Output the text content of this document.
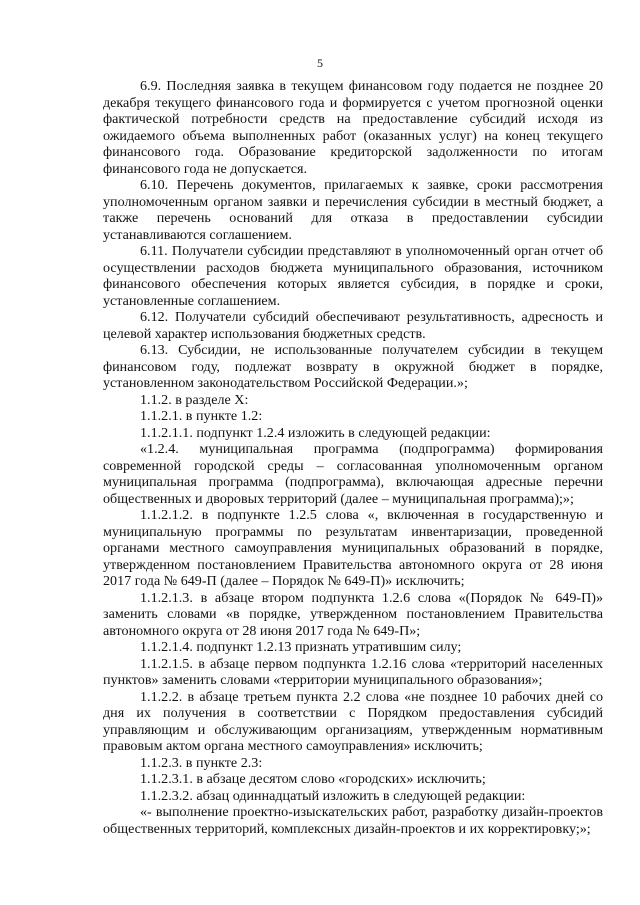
5

6.9. Последняя заявка в текущем финансовом году подается не позднее 20 декабря текущего финансового года и формируется с учетом прогнозной оценки фактической потребности средств на предоставление субсидий исходя из ожидаемого объема выполненных работ (оказанных услуг) на конец текущего финансового года. Образование кредиторской задолженности по итогам финансового года не допускается.

6.10. Перечень документов, прилагаемых к заявке, сроки рассмотрения уполномоченным органом заявки и перечисления субсидии в местный бюджет, а также перечень оснований для отказа в предоставлении субсидии устанавливаются соглашением.

6.11. Получатели субсидии представляют в уполномоченный орган отчет об осуществлении расходов бюджета муниципального образования, источником финансового обеспечения которых является субсидия, в порядке и сроки, установленные соглашением.

6.12. Получатели субсидий обеспечивают результативность, адресность и целевой характер использования бюджетных средств.

6.13. Субсидии, не использованные получателем субсидии в текущем финансовом году, подлежат возврату в окружной бюджет в порядке, установленном законодательством Российской Федерации.»;

1.1.2. в разделе X:

1.1.2.1. в пункте 1.2:

1.1.2.1.1. подпункт 1.2.4 изложить в следующей редакции:

«1.2.4. муниципальная программа (подпрограмма) формирования современной городской среды – согласованная уполномоченным органом муниципальная программа (подпрограмма), включающая адресные перечни общественных и дворовых территорий (далее – муниципальная программа);»;

1.1.2.1.2. в подпункте 1.2.5 слова «, включенная в государственную и муниципальную программы по результатам инвентаризации, проведенной органами местного самоуправления муниципальных образований в порядке, утвержденном постановлением Правительства автономного округа от 28 июня 2017 года № 649-П (далее – Порядок № 649-П)» исключить;

1.1.2.1.3. в абзаце втором подпункта 1.2.6 слова «(Порядок № 649-П)» заменить словами «в порядке, утвержденном постановлением Правительства автономного округа от 28 июня 2017 года № 649-П»;

1.1.2.1.4. подпункт 1.2.13 признать утратившим силу;

1.1.2.1.5. в абзаце первом подпункта 1.2.16 слова «территорий населенных пунктов» заменить словами «территории муниципального образования»;

1.1.2.2. в абзаце третьем пункта 2.2 слова «не позднее 10 рабочих дней со дня их получения в соответствии с Порядком предоставления субсидий управляющим и обслуживающим организациям, утвержденным нормативным правовым актом органа местного самоуправления» исключить;

1.1.2.3. в пункте 2.3:

1.1.2.3.1. в абзаце десятом слово «городских» исключить;

1.1.2.3.2. абзац одиннадцатый изложить в следующей редакции:

«- выполнение проектно-изыскательских работ, разработку дизайн-проектов общественных территорий, комплексных дизайн-проектов и их корректировку;»;
